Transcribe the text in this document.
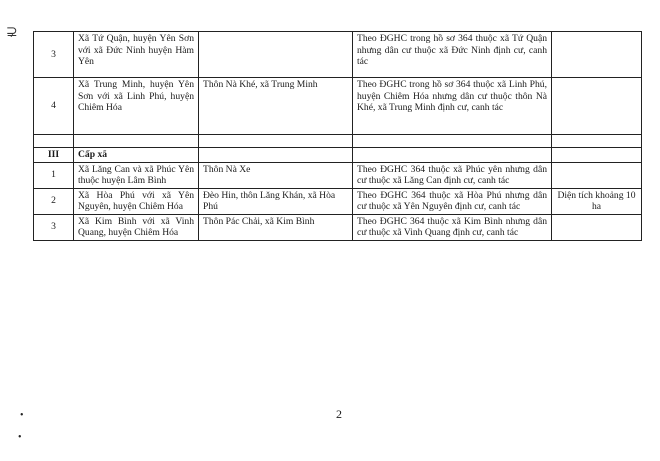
⊋
3	Xã Tứ Quận, huyện Yên Sơn với xã Đức Ninh huyện Hàm Yên		Theo ĐGHC trong hồ sơ 364 thuộc xã Tứ Quận nhưng dân cư thuộc xã Đức Ninh định cư, canh tác	
4	Xã Trung Minh, huyện Yên Sơn với xã Linh Phú, huyện Chiêm Hóa	Thôn Nà Khé, xã Trung Minh	Theo ĐGHC trong hồ sơ 364 thuộc xã Linh Phú, huyện Chiêm Hóa nhưng dân cư thuộc thôn Nà Khé, xã Trung Minh định cư, canh tác	

III	Cấp xã			
1	Xã Lăng Can và xã Phúc Yên thuộc huyện Lâm Bình	Thôn Nà Xe	Theo ĐGHC 364 thuộc xã Phúc yên nhưng dân cư thuộc xã Lăng Can định cư, canh tác	
2	Xã Hòa Phú với xã Yên Nguyên, huyện Chiêm Hóa	Đèo Hin, thôn Lăng Khán, xã Hòa Phú	Theo ĐGHC 364 thuộc xã Hòa Phú nhưng dân cư thuộc xã Yên Nguyên định cư, canh tác	Diện tích khoảng 10 ha
3	Xã Kim Bình với xã Vinh Quang, huyện Chiêm Hóa	Thôn Pác Chải, xã Kim Bình	Theo ĐGHC 364 thuộc xã Kim Bình nhưng dân cư thuộc xã Vinh Quang định cư, canh tác	
•
•
2
